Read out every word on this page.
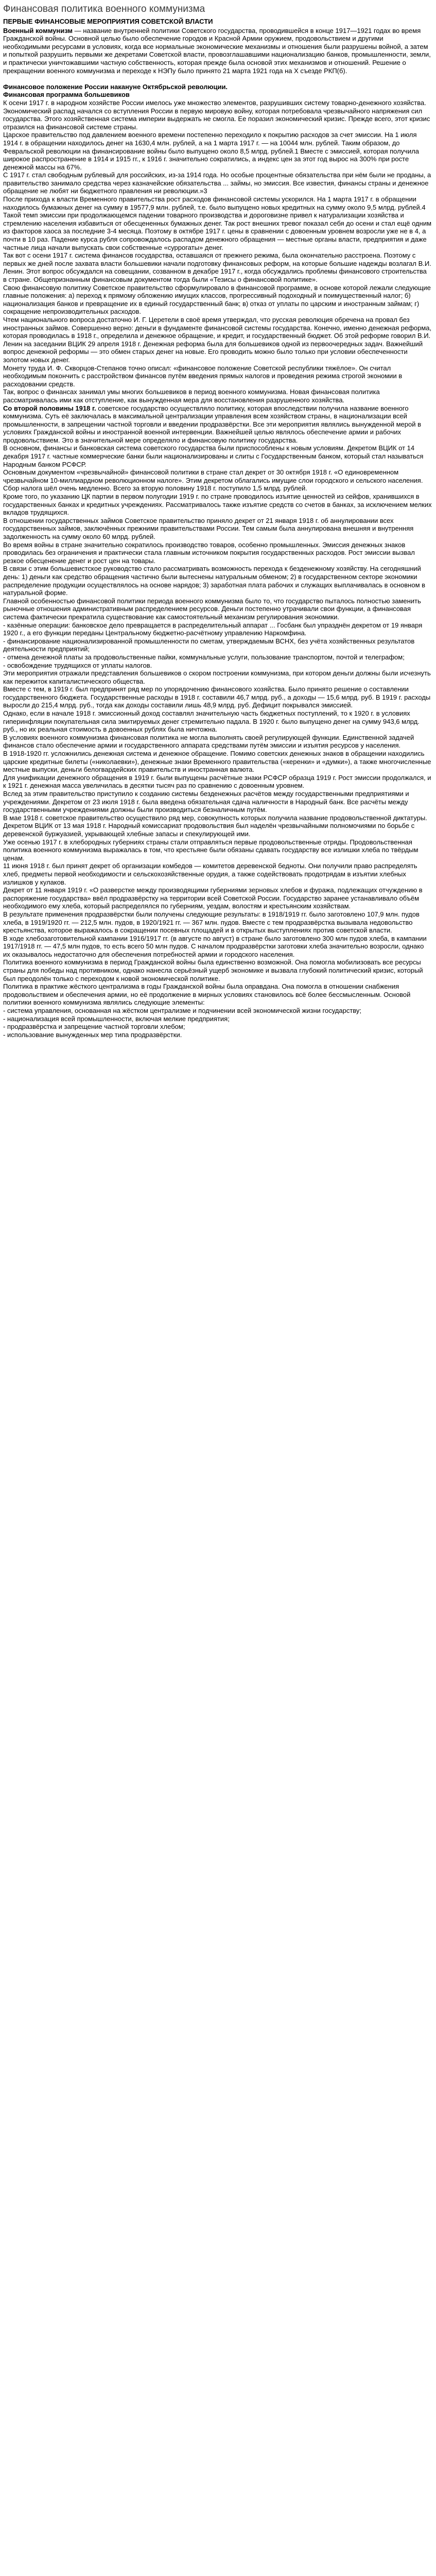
Финансовая политика военного коммунизма
ПЕРВЫЕ ФИНАНСОВЫЕ МЕРОПРИЯТИЯ СОВЕТСКОЙ ВЛАСТИ

Военный коммунизм — название внутренней политики Советского государства, проводившейся в конце 1917—1921 годах во время Гражданской войны. Основной целью было обеспечение городов и Красной Армии оружием, продовольствием и другими необходимыми ресурсами в условиях, когда все нормальные экономические механизмы и отношения были разрушены войной, а затем и попыткой разрушить первыми же декретами Советской власти, провозглашавшими национализацию банков, промышленности, земли, и практически уничтожавшими частную собственность, которая прежде была основой этих механизмов и отношений. Решение о прекращении военного коммунизма и переходе к НЭПу было принято 21 марта 1921 года на X съезде РКП(б).

Финансовое положение России накануне Октябрьской революции.

Финансовая программа большевиков

К осени 1917 г. в народном хозяйстве России имелось уже множество элементов, разрушивших систему товарно-денежного хозяйства. Экономический распад начался со вступления России в первую мировую войну, которая потребовала чрезвычайного напряжения сил государства. Этого хозяйственная система империи выдержать не смогла. Ее поразил экономический кризис. Прежде всего, этот кризис отразился на финансовой системе страны.

Царское правительство под давлением военного времени постепенно переходило к покрытию расходов за счет эмиссии. На 1 июля 1914 г. в обращении находилось денег на 1630,4 млн. рублей, а на 1 марта 1917 г. — на 10044 млн. рублей. Таким образом, до Февральской революции на финансирование войны было выпущено около 8,5 млрд. рублей.1 Вместе с эмиссией, которая получила широкое распространение в 1914 и 1915 гг., к 1916 г. значительно сократились, а индекс цен за этот год вырос на 300% при росте денежной массы на 67%.

С 1917 г. стал свободным рублевый для российских, из-за 1914 года. Но особые процентные обязательства при нём были не проданы, а правительство занимало средства через казначейские обязательства ... займы, но эмиссия. Все известия, финансы страны и денежное обращение не любят ни бюджетного правления ни революции.»3

После прихода к власти Временного правительства рост расходов финансовой системы ускорился. На 1 марта 1917 г. в обращении находилось бумажных денег на сумму в 19577,9 млн. рублей, т.е. было выпущено новых кредитных на сумму около 9,5 млрд. рублей.4 Такой темп эмиссии при продолжающемся падении товарного производства и дороговизне привел к натурализации хозяйства и стремлению населения избавиться от обесцененных бумажных денег. Так рост внешних тревог показал себя до осени и стал ещё одним из факторов хаоса за последние 3-4 месяца. Поэтому в октябре 1917 г. цены в сравнении с довоенным уровнем возросли уже не в 4, а почти в 10 раз. Падение курса рубля сопровождалось распадом денежного обращения — местные органы власти, предприятия и даже частные лица начали выпускать свои собственные «суррогаты» денег.

Так вот с осени 1917 г. система финансов государства, оставшаяся от прежнего режима, была окончательно расстроена. Поэтому с первых же дней после захвата власти большевики начали подготовку финансовых реформ, на которые большие надежды возлагал В.И. Ленин. Этот вопрос обсуждался на совещании, созванном в декабре 1917 г., когда обсуждались проблемы финансового строительства в стране. Общепризнанным финансовым документом тогда были «Тезисы о финансовой политике».

Свою финансовую политику Советское правительство сформулировало в финансовой программе, в основе которой лежали следующие главные положения: а) переход к прямому обложению имущих классов, прогрессивный подоходный и поимущественный налог; б) национализация банков и превращение их в единый государственный банк; в) отказ от уплаты по царским и иностранным займам; г) сокращение непроизводительных расходов.

Чтем национального вопроса достаточно И. Г. Церетели в своё время утверждал, что русская революция обречена на провал без иностранных займов. Совершенно верно: деньги в фундаменте финансовой системы государства. Конечно, именно денежная реформа, которая проводилась в 1918 г., определила и денежное обращение, и кредит, и государственный бюджет. Об этой реформе говорил В.И. Ленин на заседании ВЦИК 29 апреля 1918 г. Денежная реформа была для большевиков одной из первоочередных задач. Важнейший вопрос денежной реформы — это обмен старых денег на новые. Его проводить можно было только при условии обеспеченности золотом новых денег.

Монету труда И. Ф. Скворцов-Степанов точно описал: «финансовое положение Советской республики тяжёлое». Он считал необходимым покончить с расстройством финансов путём введения прямых налогов и проведения режима строгой экономии в расходовании средств.

Так, вопрос о финансах занимал умы многих большевиков в период военного коммунизма. Новая финансовая политика рассматривалась ими как отступление, как вынужденная мера для восстановления разрушенного хозяйства.

Со второй половины 1918 г. советское государство осуществляло политику, которая впоследствии получила название военного коммунизма. Суть её заключалась в максимальной централизации управления всем хозяйством страны, в национализации всей промышленности, в запрещении частной торговли и введении продразвёрстки. Все эти мероприятия являлись вынужденной мерой в условиях Гражданской войны и иностранной военной интервенции. Важнейшей целью являлось обеспечение армии и рабочих продовольствием. Это в значительной мере определяло и финансовую политику государства.

В основном, финансы и банковская система советского государства были приспособлены к новым условиям. Декретом ВЦИК от 14 декабря 1917 г. частные коммерческие банки были национализированы и слиты с Государственным банком, который стал называться Народным банком РСФСР.

Основным документом «чрезвычайной» финансовой политики в стране стал декрет от 30 октября 1918 г. «О единовременном чрезвычайном 10-миллиардном революционном налоге». Этим декретом облагались имущие слои городского и сельского населения. Сбор налога шёл очень медленно. Всего за вторую половину 1918 г. поступило 1,5 млрд. рублей.

Кроме того, по указанию ЦК партии в первом полугодии 1919 г. по стране проводилось изъятие ценностей из сейфов, хранившихся в государственных банках и кредитных учреждениях. Рассматривалось также изъятие средств со счетов в банках, за исключением мелких вкладов трудящихся.

В отношении государственных займов Советское правительство приняло декрет от 21 января 1918 г. об аннулировании всех государственных займов, заключённых прежними правительствами России. Тем самым была аннулирована внешняя и внутренняя задолженность на сумму около 60 млрд. рублей.

Во время войны в стране значительно сократилось производство товаров, особенно промышленных. Эмиссия денежных знаков проводилась без ограничения и практически стала главным источником покрытия государственных расходов. Рост эмиссии вызвал резкое обесценение денег и рост цен на товары.

В связи с этим большевистское руководство стало рассматривать возможность перехода к безденежному хозяйству. На сегодняшний день: 1) деньги как средство обращения частично были вытеснены натуральным обменом; 2) в государственном секторе экономики распределение продукции осуществлялось на основе нарядов; 3) заработная плата рабочих и служащих выплачивалась в основном в натуральной форме.

Главной особенностью финансовой политики периода военного коммунизма было то, что государство пыталось полностью заменить рыночные отношения административным распределением ресурсов. Деньги постепенно утрачивали свои функции, а финансовая система фактически прекратила существование как самостоятельный механизм регулирования экономики.

- казённые операции: банковское дело превращается в распределительный аппарат ... Госбанк был упразднён декретом от 19 января 1920 г., а его функции переданы Центральному бюджетно-расчётному управлению Наркомфина.

- финансирование национализированной промышленности по сметам, утверждаемым ВСНХ, без учёта хозяйственных результатов деятельности предприятий;

- отмена денежной платы за продовольственные пайки, коммунальные услуги, пользование транспортом, почтой и телеграфом;

- освобождение трудящихся от уплаты налогов.

Эти мероприятия отражали представления большевиков о скором построении коммунизма, при котором деньги должны были исчезнуть как пережиток капиталистического общества.

Вместе с тем, в 1919 г. был предпринят ряд мер по упорядочению финансового хозяйства. Было принято решение о составлении государственного бюджета. Государственные расходы в 1918 г. составили 46,7 млрд. руб., а доходы — 15,6 млрд. руб. В 1919 г. расходы выросли до 215,4 млрд. руб., тогда как доходы составили лишь 48,9 млрд. руб. Дефицит покрывался эмиссией.

Однако, если в начале 1918 г. эмиссионный доход составлял значительную часть бюджетных поступлений, то к 1920 г. в условиях гиперинфляции покупательная сила эмитируемых денег стремительно падала. В 1920 г. было выпущено денег на сумму 943,6 млрд. руб., но их реальная стоимость в довоенных рублях была ничтожна.

В условиях военного коммунизма финансовая политика не могла выполнять своей регулирующей функции. Единственной задачей финансов стало обеспечение армии и государственного аппарата средствами путём эмиссии и изъятия ресурсов у населения.

В 1918-1920 гг. усложнились денежная система и денежное обращение. Помимо советских денежных знаков в обращении находились царские кредитные билеты («николаевки»), денежные знаки Временного правительства («керенки» и «думки»), а также многочисленные местные выпуски, деньги белогвардейских правительств и иностранная валюта.

Для унификации денежного обращения в 1919 г. были выпущены расчётные знаки РСФСР образца 1919 г. Рост эмиссии продолжался, и к 1921 г. денежная масса увеличилась в десятки тысяч раз по сравнению с довоенным уровнем.

Вслед за этим правительство приступило к созданию системы безденежных расчётов между государственными предприятиями и учреждениями. Декретом от 23 июля 1918 г. была введена обязательная сдача наличности в Народный банк. Все расчёты между государственными учреждениями должны были производиться безналичным путём.

В мае 1918 г. советское правительство осуществило ряд мер, совокупность которых получила название продовольственной диктатуры. Декретом ВЦИК от 13 мая 1918 г. Народный комиссариат продовольствия был наделён чрезвычайными полномочиями по борьбе с деревенской буржуазией, укрывающей хлебные запасы и спекулирующей ими.

Уже осенью 1917 г. в хлебородных губерниях страны стали отправляться первые продовольственные отряды. Продовольственная политика военного коммунизма выражалась в том, что крестьяне были обязаны сдавать государству все излишки хлеба по твёрдым ценам.

11 июня 1918 г. был принят декрет об организации комбедов — комитетов деревенской бедноты. Они получили право распределять хлеб, предметы первой необходимости и сельскохозяйственные орудия, а также содействовать продотрядам в изъятии хлебных излишков у кулаков.

Декрет от 11 января 1919 г. «О разверстке между производящими губерниями зерновых хлебов и фуража, подлежащих отчуждению в распоряжение государства» ввёл продразвёрстку на территории всей Советской России. Государство заранее устанавливало объём необходимого ему хлеба, который распределялся по губерниям, уездам, волостям и крестьянским хозяйствам.

В результате применения продразвёрстки были получены следующие результаты: в 1918/1919 гг. было заготовлено 107,9 млн. пудов хлеба, в 1919/1920 гг. — 212,5 млн. пудов, в 1920/1921 гг. — 367 млн. пудов. Вместе с тем продразвёрстка вызывала недовольство крестьянства, которое выражалось в сокращении посевных площадей и в открытых выступлениях против советской власти.

В ходе хлебозаготовительной кампании 1916/1917 гг. (в августе по август) в стране было заготовлено 300 млн пудов хлеба, в кампании 1917/1918 гг. — 47,5 млн пудов, то есть всего 50 млн пудов. С началом продразвёрстки заготовки хлеба значительно возросли, однако их оказывалось недостаточно для обеспечения потребностей армии и городского населения.

Политика военного коммунизма в период Гражданской войны была единственно возможной. Она помогла мобилизовать все ресурсы страны для победы над противником, однако нанесла серьёзный ущерб экономике и вызвала глубокий политический кризис, который был преодолён только с переходом к новой экономической политике.

Политика в практике жёсткого централизма в годы Гражданской войны была оправдана. Она помогла в отношении снабжения продовольствием и обеспечения армии, но её продолжение в мирных условиях становилось всё более бессмысленным. Основой политики военного коммунизма являлись следующие элементы:

- система управления, основанная на жёстком централизме и подчинении всей экономической жизни государству;

- национализация всей промышленности, включая мелкие предприятия;

- продразвёрстка и запрещение частной торговли хлебом;

- использование вынужденных мер типа продразвёрстки.
